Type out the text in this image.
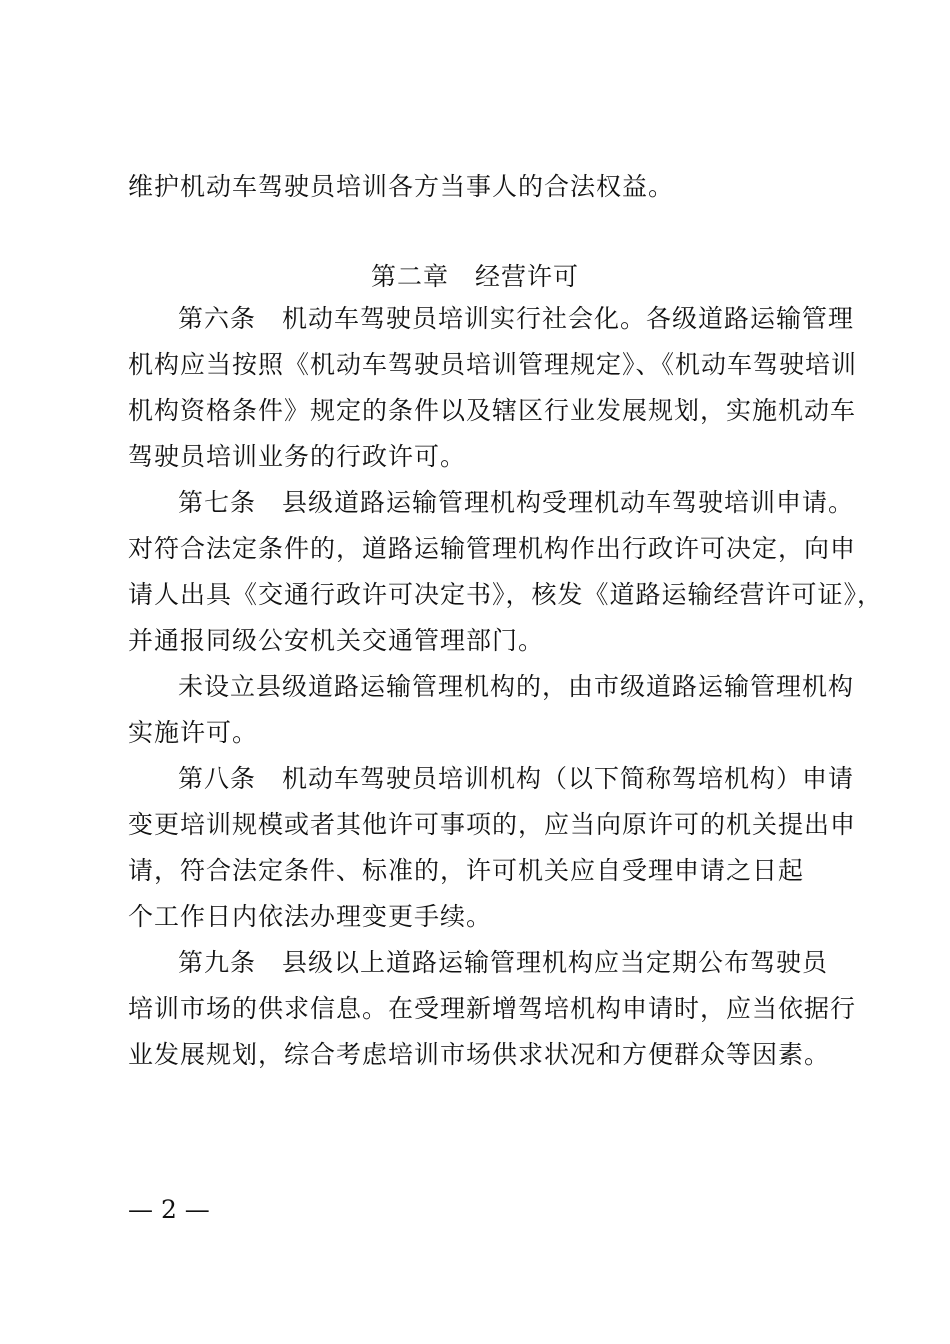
维护机动车驾驶员培训各方当事人的合法权益。
第二章　经营许可
第六条　机动车驾驶员培训实行社会化。各级道路运输管理
机构应当按照《机动车驾驶员培训管理规定》、《机动车驾驶培训
机构资格条件》规定的条件以及辖区行业发展规划，实施机动车
驾驶员培训业务的行政许可。
第七条　县级道路运输管理机构受理机动车驾驶培训申请。
对符合法定条件的，道路运输管理机构作出行政许可决定，向申
请人出具《交通行政许可决定书》，核发《道路运输经营许可证》，
并通报同级公安机关交通管理部门。
未设立县级道路运输管理机构的，由市级道路运输管理机构
实施许可。
第八条　机动车驾驶员培训机构（以下简称驾培机构）申请
变更培训规模或者其他许可事项的，应当向原许可的机关提出申
请，符合法定条件、标准的，许可机关应自受理申请之日起
个工作日内依法办理变更手续。
第九条　县级以上道路运输管理机构应当定期公布驾驶员
培训市场的供求信息。在受理新增驾培机构申请时，应当依据行
业发展规划，综合考虑培训市场供求状况和方便群众等因素。
— 2 —
